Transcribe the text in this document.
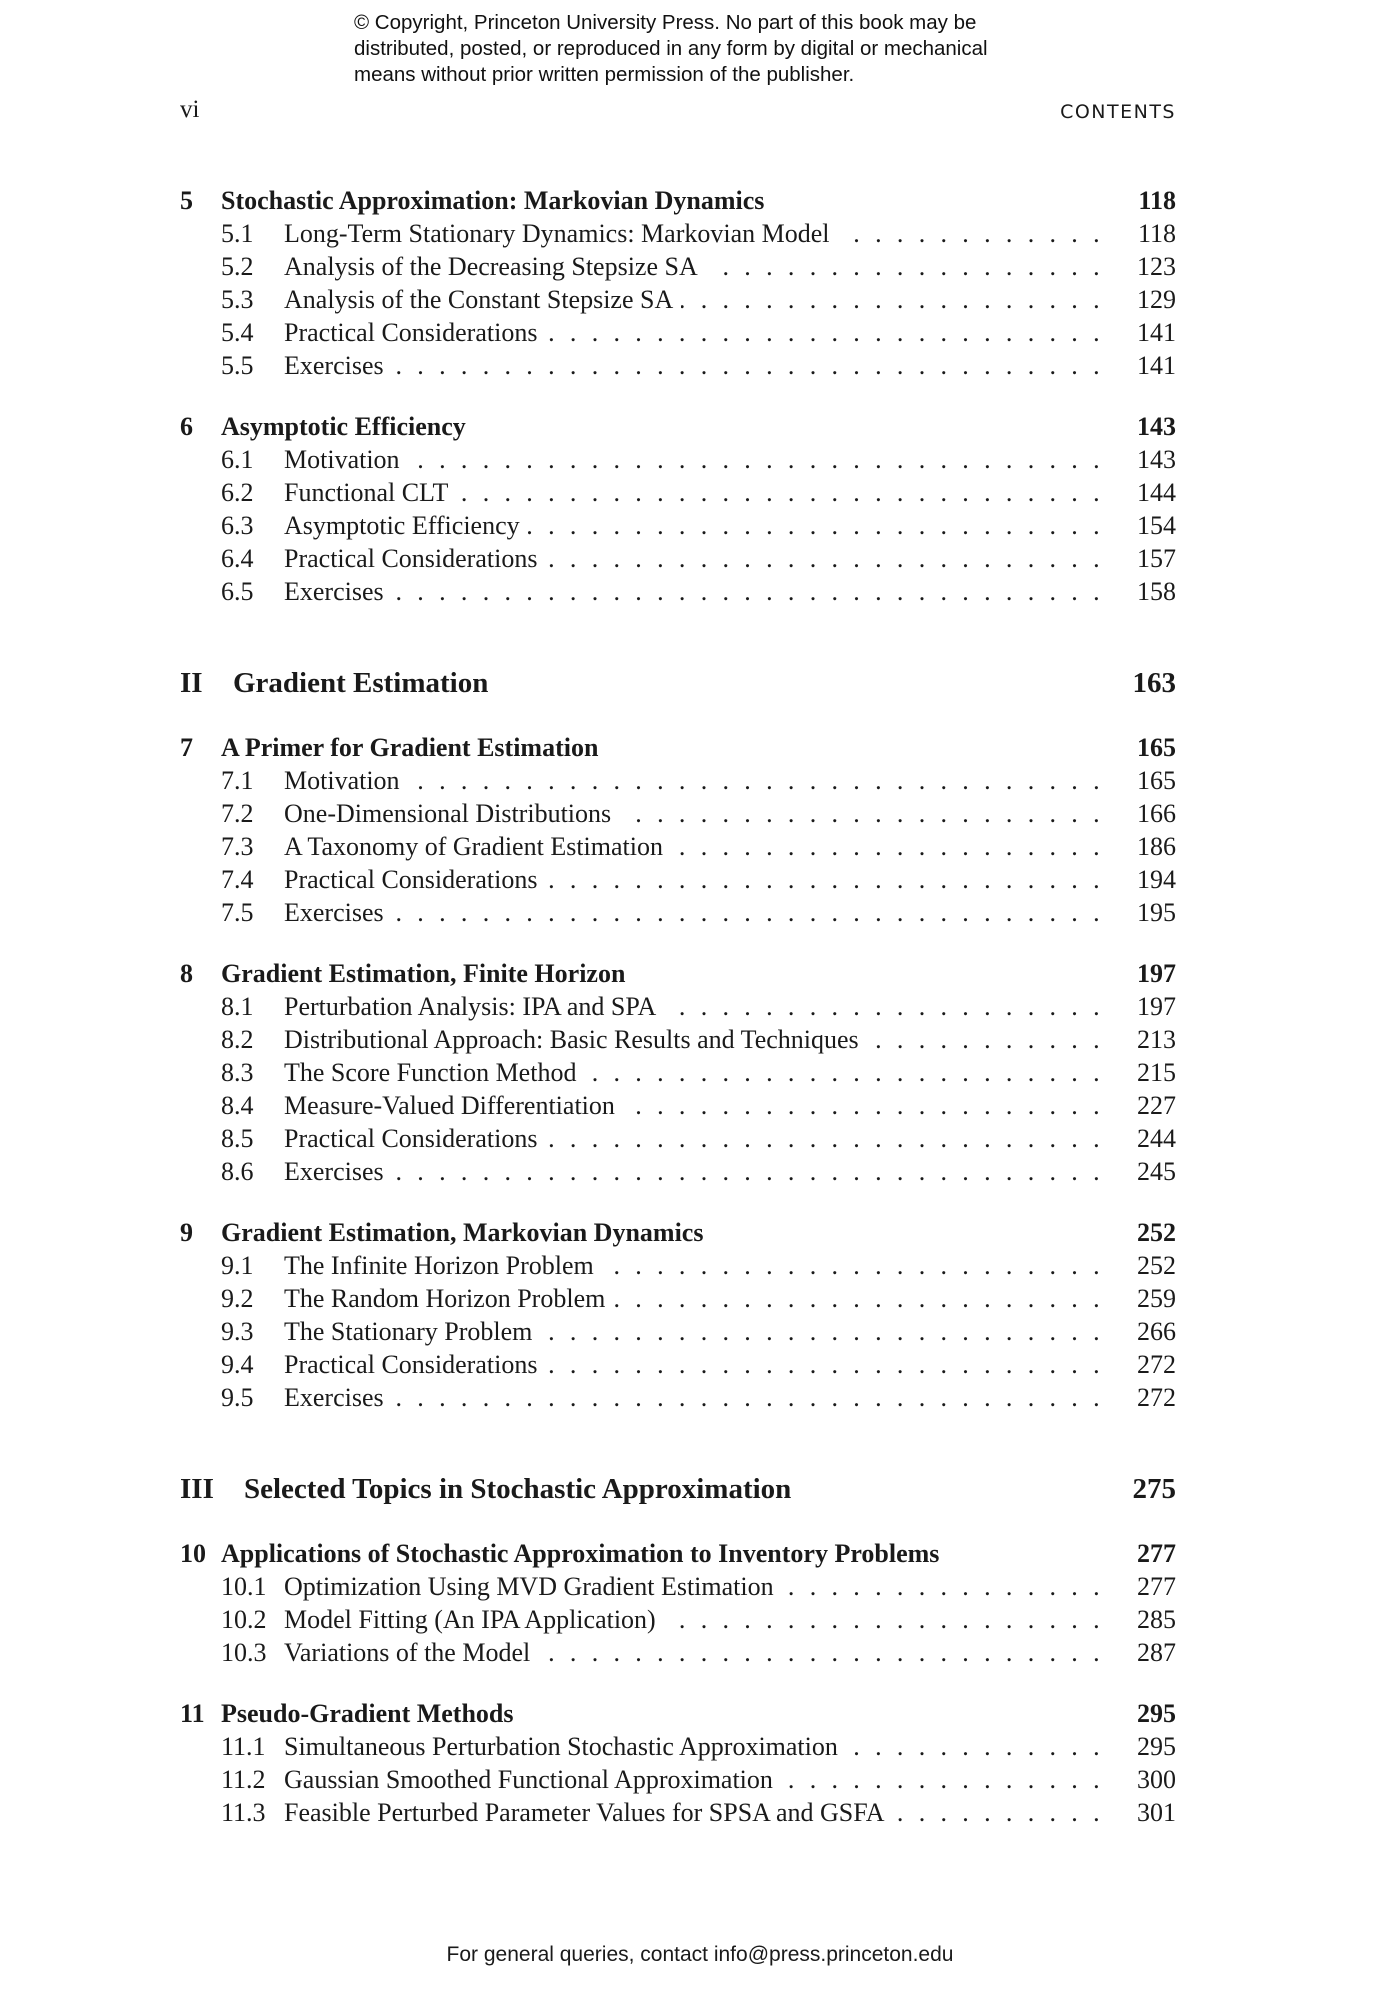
© Copyright, Princeton University Press. No part of this book may be
distributed, posted, or reproduced in any form by digital or mechanical
means without prior written permission of the publisher.
vi	CONTENTS
5 Stochastic Approximation: Markovian Dynamics	118
5.1 Long-Term Stationary Dynamics: Markovian Model . . .	118
5.2 Analysis of the Decreasing Stepsize SA . . .	123
5.3 Analysis of the Constant Stepsize SA . . .	129
5.4 Practical Considerations . . .	141
5.5 Exercises . . .	141
6 Asymptotic Efficiency	143
6.1 Motivation . . .	143
6.2 Functional CLT . . .	144
6.3 Asymptotic Efficiency . . .	154
6.4 Practical Considerations . . .	157
6.5 Exercises . . .	158
II Gradient Estimation	163
7 A Primer for Gradient Estimation	165
7.1 Motivation . . .	165
7.2 One-Dimensional Distributions . . .	166
7.3 A Taxonomy of Gradient Estimation . . .	186
7.4 Practical Considerations . . .	194
7.5 Exercises . . .	195
8 Gradient Estimation, Finite Horizon	197
8.1 Perturbation Analysis: IPA and SPA . . .	197
8.2 Distributional Approach: Basic Results and Techniques . . .	213
8.3 The Score Function Method . . .	215
8.4 Measure-Valued Differentiation . . .	227
8.5 Practical Considerations . . .	244
8.6 Exercises . . .	245
9 Gradient Estimation, Markovian Dynamics	252
9.1 The Infinite Horizon Problem . . .	252
9.2 The Random Horizon Problem . . .	259
9.3 The Stationary Problem . . .	266
9.4 Practical Considerations . . .	272
9.5 Exercises . . .	272
III Selected Topics in Stochastic Approximation	275
10 Applications of Stochastic Approximation to Inventory Problems	277
10.1 Optimization Using MVD Gradient Estimation . . .	277
10.2 Model Fitting (An IPA Application) . . .	285
10.3 Variations of the Model . . .	287
11 Pseudo-Gradient Methods	295
11.1 Simultaneous Perturbation Stochastic Approximation . . .	295
11.2 Gaussian Smoothed Functional Approximation . . .	300
11.3 Feasible Perturbed Parameter Values for SPSA and GSFA . . .	301
For general queries, contact info@press.princeton.edu
